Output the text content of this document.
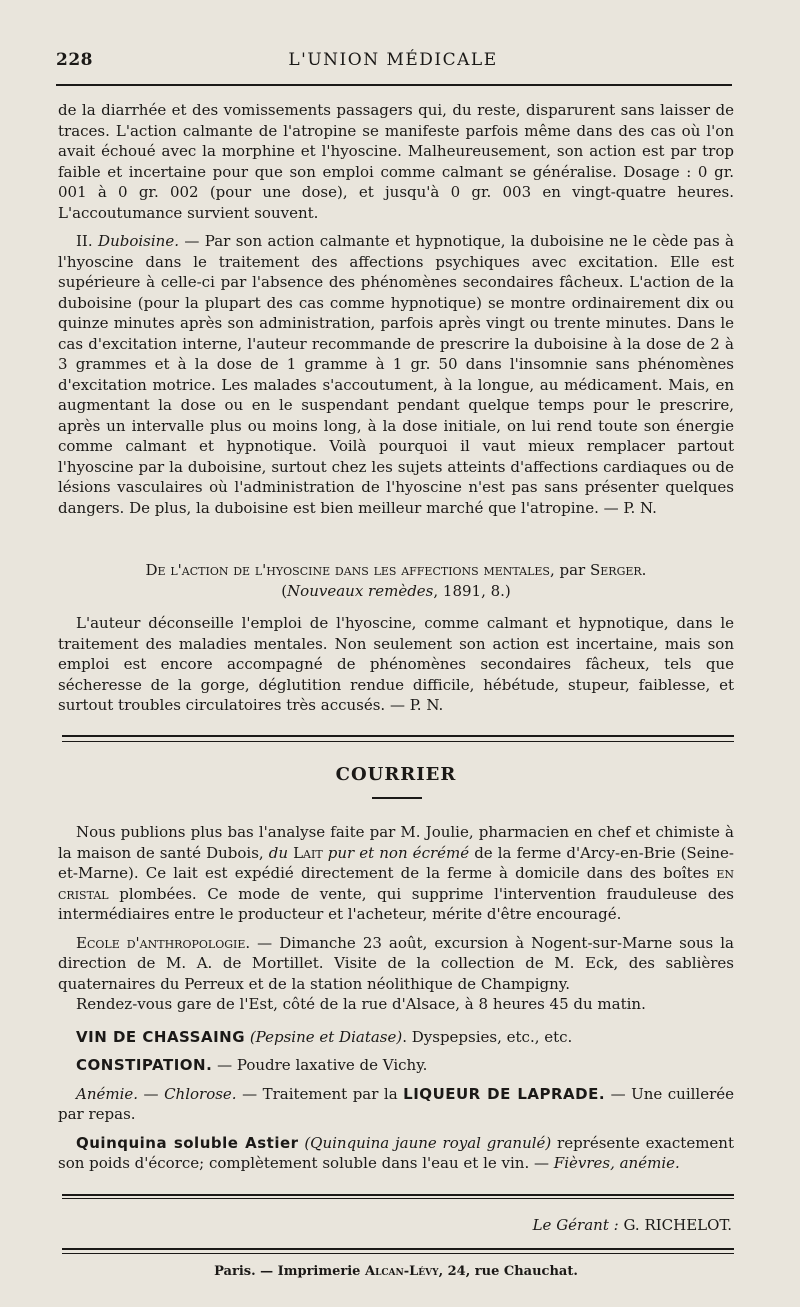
228	L'UNION MÉDICALE

de la diarrhée et des vomissements passagers qui, du reste, disparurent sans laisser de traces. L'action calmante de l'atropine se manifeste parfois même dans des cas où l'on avait échoué avec la morphine et l'hyoscine. Malheureusement, son action est par trop faible et incertaine pour que son emploi comme calmant se généralise. Dosage : 0 gr. 001 à 0 gr. 002 (pour une dose), et jusqu'à 0 gr. 003 en vingt-quatre heures. L'accoutumance survient souvent.

II. Duboisine. — Par son action calmante et hypnotique, la duboisine ne le cède pas à l'hyoscine dans le traitement des affections psychiques avec excitation. Elle est supérieure à celle-ci par l'absence des phénomènes secondaires fâcheux. L'action de la duboisine (pour la plupart des cas comme hypnotique) se montre ordinairement dix ou quinze minutes après son administration, parfois après vingt ou trente minutes. Dans le cas d'excitation interne, l'auteur recommande de prescrire la duboisine à la dose de 2 à 3 grammes et à la dose de 1 gramme à 1 gr. 50 dans l'insomnie sans phénomènes d'excitation motrice. Les malades s'accoutument, à la longue, au médicament. Mais, en augmentant la dose ou en le suspendant pendant quelque temps pour le prescrire, après un intervalle plus ou moins long, à la dose initiale, on lui rend toute son énergie comme calmant et hypnotique. Voilà pourquoi il vaut mieux remplacer partout l'hyoscine par la duboisine, surtout chez les sujets atteints d'affections cardiaques ou de lésions vasculaires où l'administration de l'hyoscine n'est pas sans présenter quelques dangers. De plus, la duboisine est bien meilleur marché que l'atropine. — P. N.

De l'action de l'hyoscine dans les affections mentales, par Serger.

(Nouveaux remèdes, 1891, 8.)

L'auteur déconseille l'emploi de l'hyoscine, comme calmant et hypnotique, dans le traitement des maladies mentales. Non seulement son action est incertaine, mais son emploi est encore accompagné de phénomènes secondaires fâcheux, tels que sécheresse de la gorge, déglutition rendue difficile, hébétude, stupeur, faiblesse, et surtout troubles circulatoires très accusés. — P. N.

COURRIER

Nous publions plus bas l'analyse faite par M. Joulie, pharmacien en chef et chimiste à la maison de santé Dubois, du Lait pur et non écrémé de la ferme d'Arcy-en-Brie (Seine-et-Marne). Ce lait est expédié directement de la ferme à domicile dans des boîtes en cristal plombées. Ce mode de vente, qui supprime l'intervention frauduleuse des intermédiaires entre le producteur et l'acheteur, mérite d'être encouragé.

Ecole d'anthropologie. — Dimanche 23 août, excursion à Nogent-sur-Marne sous la direction de M. A. de Mortillet. Visite de la collection de M. Eck, des sablières quaternaires du Perreux et de la station néolithique de Champigny.

Rendez-vous gare de l'Est, côté de la rue d'Alsace, à 8 heures 45 du matin.

VIN DE CHASSAING (Pepsine et Diatase). Dyspepsies, etc., etc.

CONSTIPATION. — Poudre laxative de Vichy.

Anémie. — Chlorose. — Traitement par la LIQUEUR DE LAPRADE. — Une cuillerée par repas.

Quinquina soluble Astier (Quinquina jaune royal granulé) représente exactement son poids d'écorce; complètement soluble dans l'eau et le vin. — Fièvres, anémie.

Le Gérant : G. RICHELOT.
Paris. — Imprimerie Alcan-Lévy, 24, rue Chauchat.
